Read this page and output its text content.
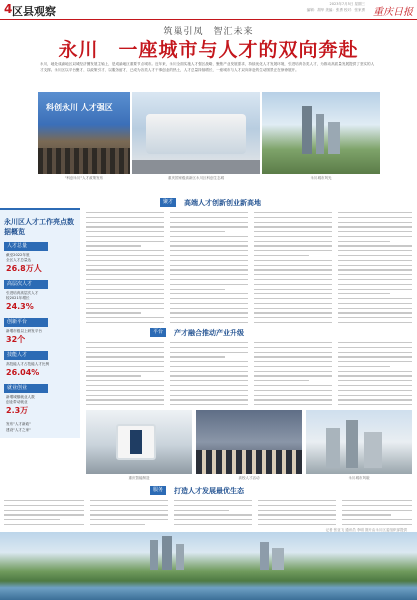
4 区县观察
2023年7月5日 星期三
编辑：胡华 美编：张勇 校对：张家勇 重庆日报
筑巢引凤　智汇未来
永川　一座城市与人才的双向奔赴
永川，地处成渝地区双城经济圈发展主轴上，是成渝地区重要节点城市。近年来，永川全面实施人才强区战略，聚焦产业发展需求，持续优化人才发展环境，引进培育各类人才，为推动高质量发展提供了坚实的人才支撑。永川区以平台聚才、以政策引才、以服务留才，已成为各类人才干事创业的热土，人才总量持续增长，一座城市与人才双向奔赴的生动图景正在徐徐展开。
科创永川 人才强区
"科创永川"人才政策发布	重庆国家级高新区永川区科创生态城	永川城市风光
永川区人才工作亮点数据概览
人才总量
截至2022年底
全区人才总量达
26.8万人
高层次人才
引进培育高层次人才
较2021年增长
24.3%
创新平台
新增市级以上研发平台
32个
技能人才
高技能人才占技能人才比例
26.04%
就业创业
新增城镇就业人数
创业带动就业
2.3万
发布"人才新政"
建设"人才之家"
聚才	高端人才创新创业新高地
平台	产才融合推动产业升级
重庆智能制造	高校人才活动	永川城市风貌
服务	打造人才发展最优生态
记者 张亚飞 通讯员 李明 图片由永川区委组织部提供
